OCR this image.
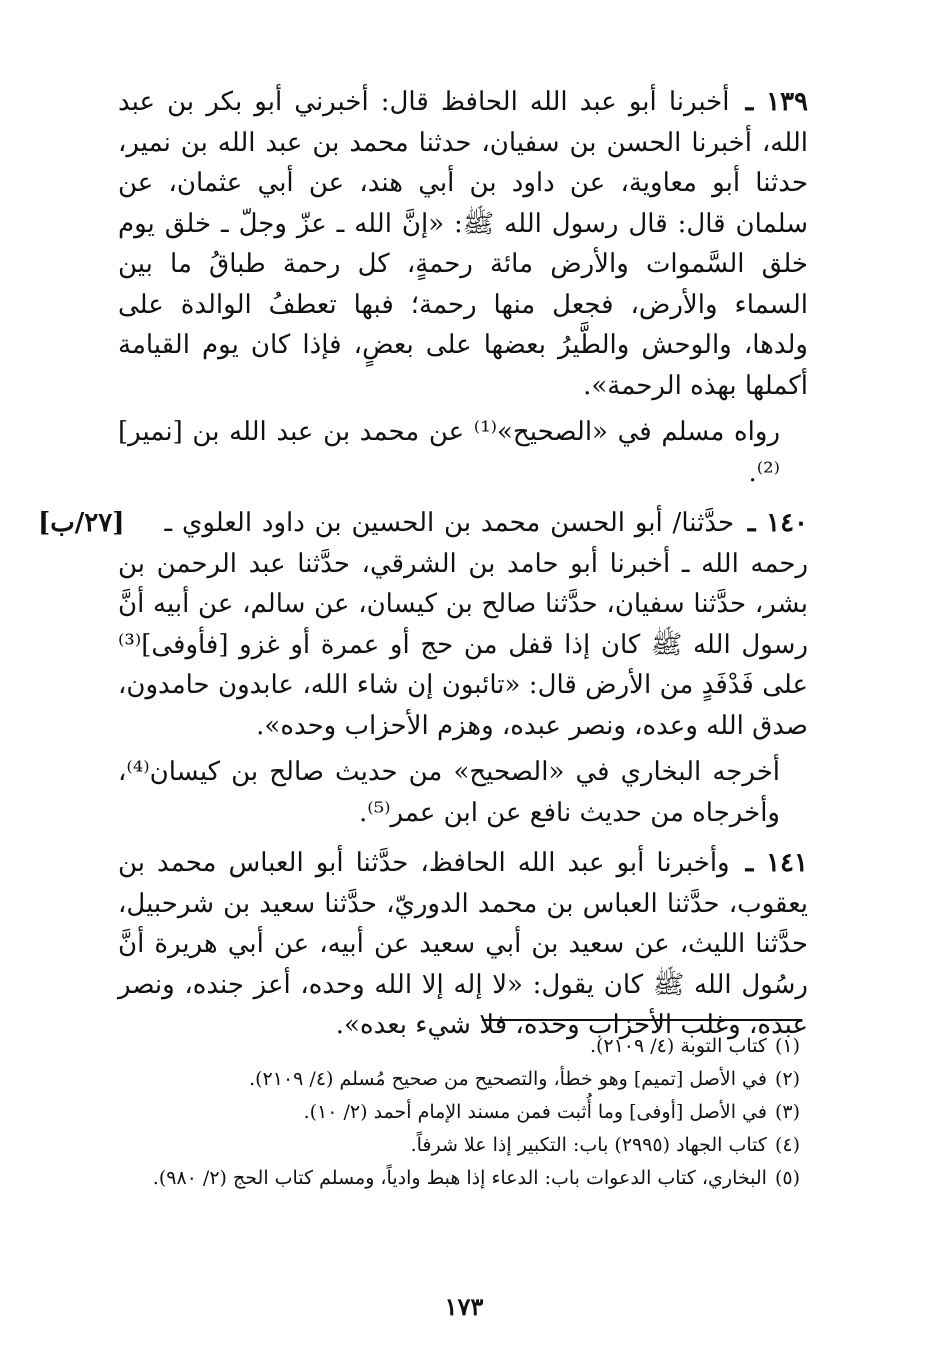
١٣٩ ـ أخبرنا أبو عبد الله الحافظ قال: أخبرني أبو بكر بن عبد الله، أخبرنا الحسن بن سفيان، حدثنا محمد بن عبد الله بن نمير، حدثنا أبو معاوية، عن داود بن أبي هند، عن أبي عثمان، عن سلمان قال: قال رسول الله ﷺ: «إنَّ الله ـ عزّ وجلّ ـ خلق يوم خلق السَّموات والأرض مائة رحمةٍ، كل رحمة طباقُ ما بين السماء والأرض، فجعل منها رحمة؛ فبها تعطفُ الوالدة على ولدها، والوحش والطَّيرُ بعضها على بعضٍ، فإذا كان يوم القيامة أكملها بهذه الرحمة».

رواه مسلم في «الصحيح»⁽¹⁾ عن محمد بن عبد الله بن [نمير]⁽²⁾.

[٢٧/ب]	١٤٠ ـ حدَّثنا/ أبو الحسن محمد بن الحسين بن داود العلوي ـ رحمه الله ـ أخبرنا أبو حامد بن الشرقي، حدَّثنا عبد الرحمن بن بشر، حدَّثنا سفيان، حدَّثنا صالح بن كيسان، عن سالم، عن أبيه أنَّ رسول الله ﷺ كان إذا قفل من حج أو عمرة أو غزو [فأوفى]⁽³⁾ على فَدْفَدٍ من الأرض قال: «تائبون إن شاء الله، عابدون حامدون، صدق الله وعده، ونصر عبده، وهزم الأحزاب وحده».

أخرجه البخاري في «الصحيح» من حديث صالح بن كيسان⁽⁴⁾، وأخرجاه من حديث نافع عن ابن عمر⁽⁵⁾.

١٤١ ـ وأخبرنا أبو عبد الله الحافظ، حدَّثنا أبو العباس محمد بن يعقوب، حدَّثنا العباس بن محمد الدوريّ، حدَّثنا سعيد بن شرحبيل، حدَّثنا الليث، عن سعيد بن أبي سعيد عن أبيه، عن أبي هريرة أنَّ رسُول الله ﷺ كان يقول: «لا إله إلا الله وحده، أعز جنده، ونصر عبده، وغلب الأحزاب وحده، فلا شيء بعده».

(١)كتاب التوبة (٤/ ٢١٠٩).

(٢)في الأصل [تميم] وهو خطأ، والتصحيح من صحيح مُسلم (٤/ ٢١٠٩).

(٣)في الأصل [أوفى] وما أُثبت فمن مسند الإمام أحمد (٢/ ١٠).

(٤)كتاب الجهاد (٢٩٩٥) باب: التكبير إذا علا شرفاً.

(٥)البخاري، كتاب الدعوات باب: الدعاء إذا هبط وادياً، ومسلم كتاب الحج (٢/ ٩٨٠).

١٧٣
